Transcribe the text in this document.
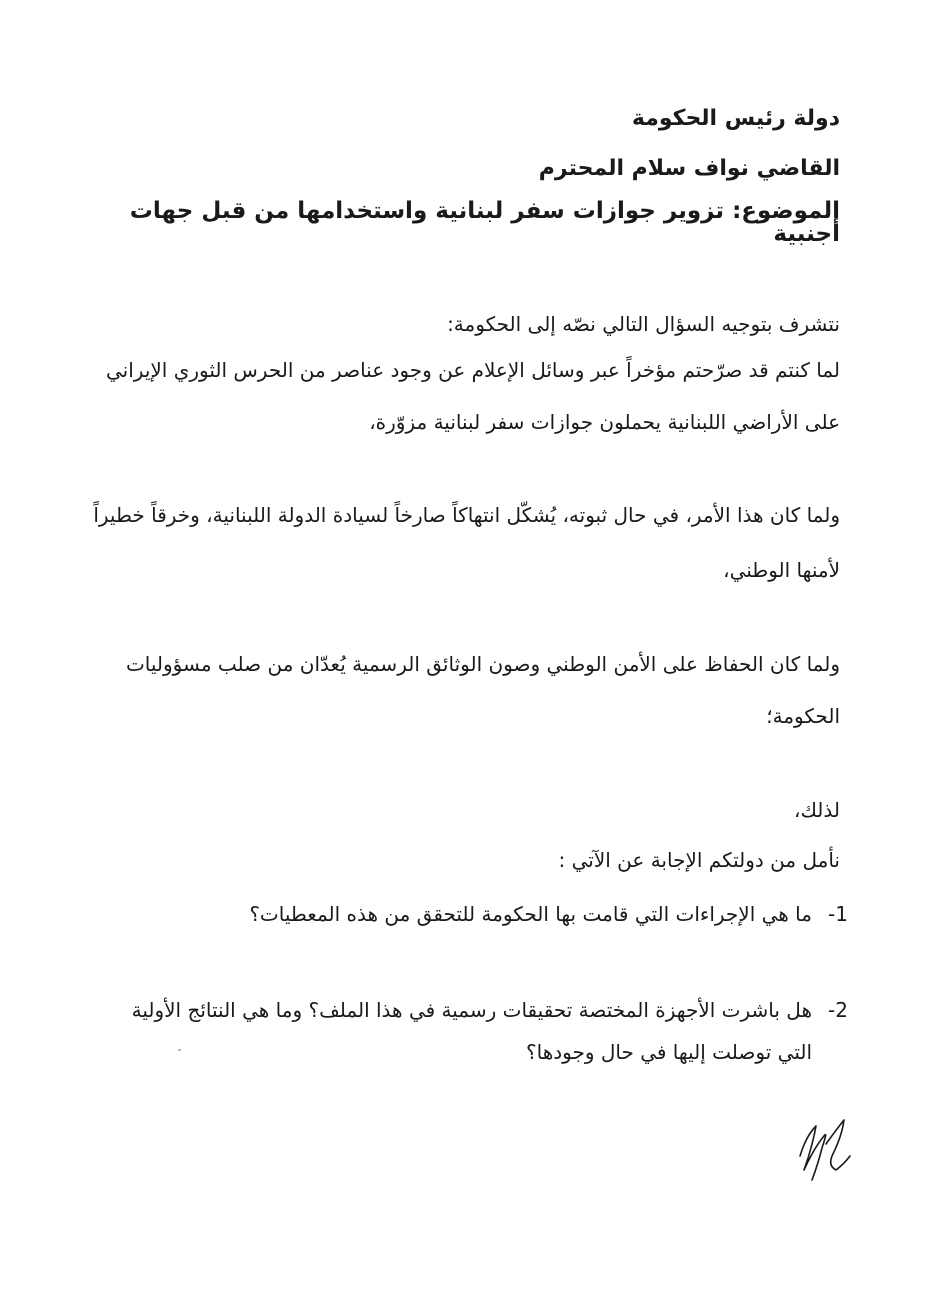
دولة رئيس الحكومة

القاضي نواف سلام المحترم

الموضوع: تزوير جوازات سفر لبنانية واستخدامها من قبل جهات أجنبية

نتشرف بتوجيه السؤال التالي نصّه إلى الحكومة:

لما كنتم قد صرّحتم مؤخراً عبر وسائل الإعلام عن وجود عناصر من الحرس الثوري الإيراني

على الأراضي اللبنانية يحملون جوازات سفر لبنانية مزوّرة،

ولما كان هذا الأمر، في حال ثبوته، يُشكّل انتهاكاً صارخاً لسيادة الدولة اللبنانية، وخرقاً خطيراً

لأمنها الوطني،

ولما كان الحفاظ على الأمن الوطني وصون الوثائق الرسمية يُعدّان من صلب مسؤوليات

الحكومة؛

لذلك،

نأمل من دولتكم الإجابة عن الآتي :

-1
ما هي الإجراءات التي قامت بها الحكومة للتحقق من هذه المعطيات؟
-2
هل باشرت الأجهزة المختصة تحقيقات رسمية في هذا الملف؟ وما هي النتائج الأولية
التي توصلت إليها في حال وجودها؟
